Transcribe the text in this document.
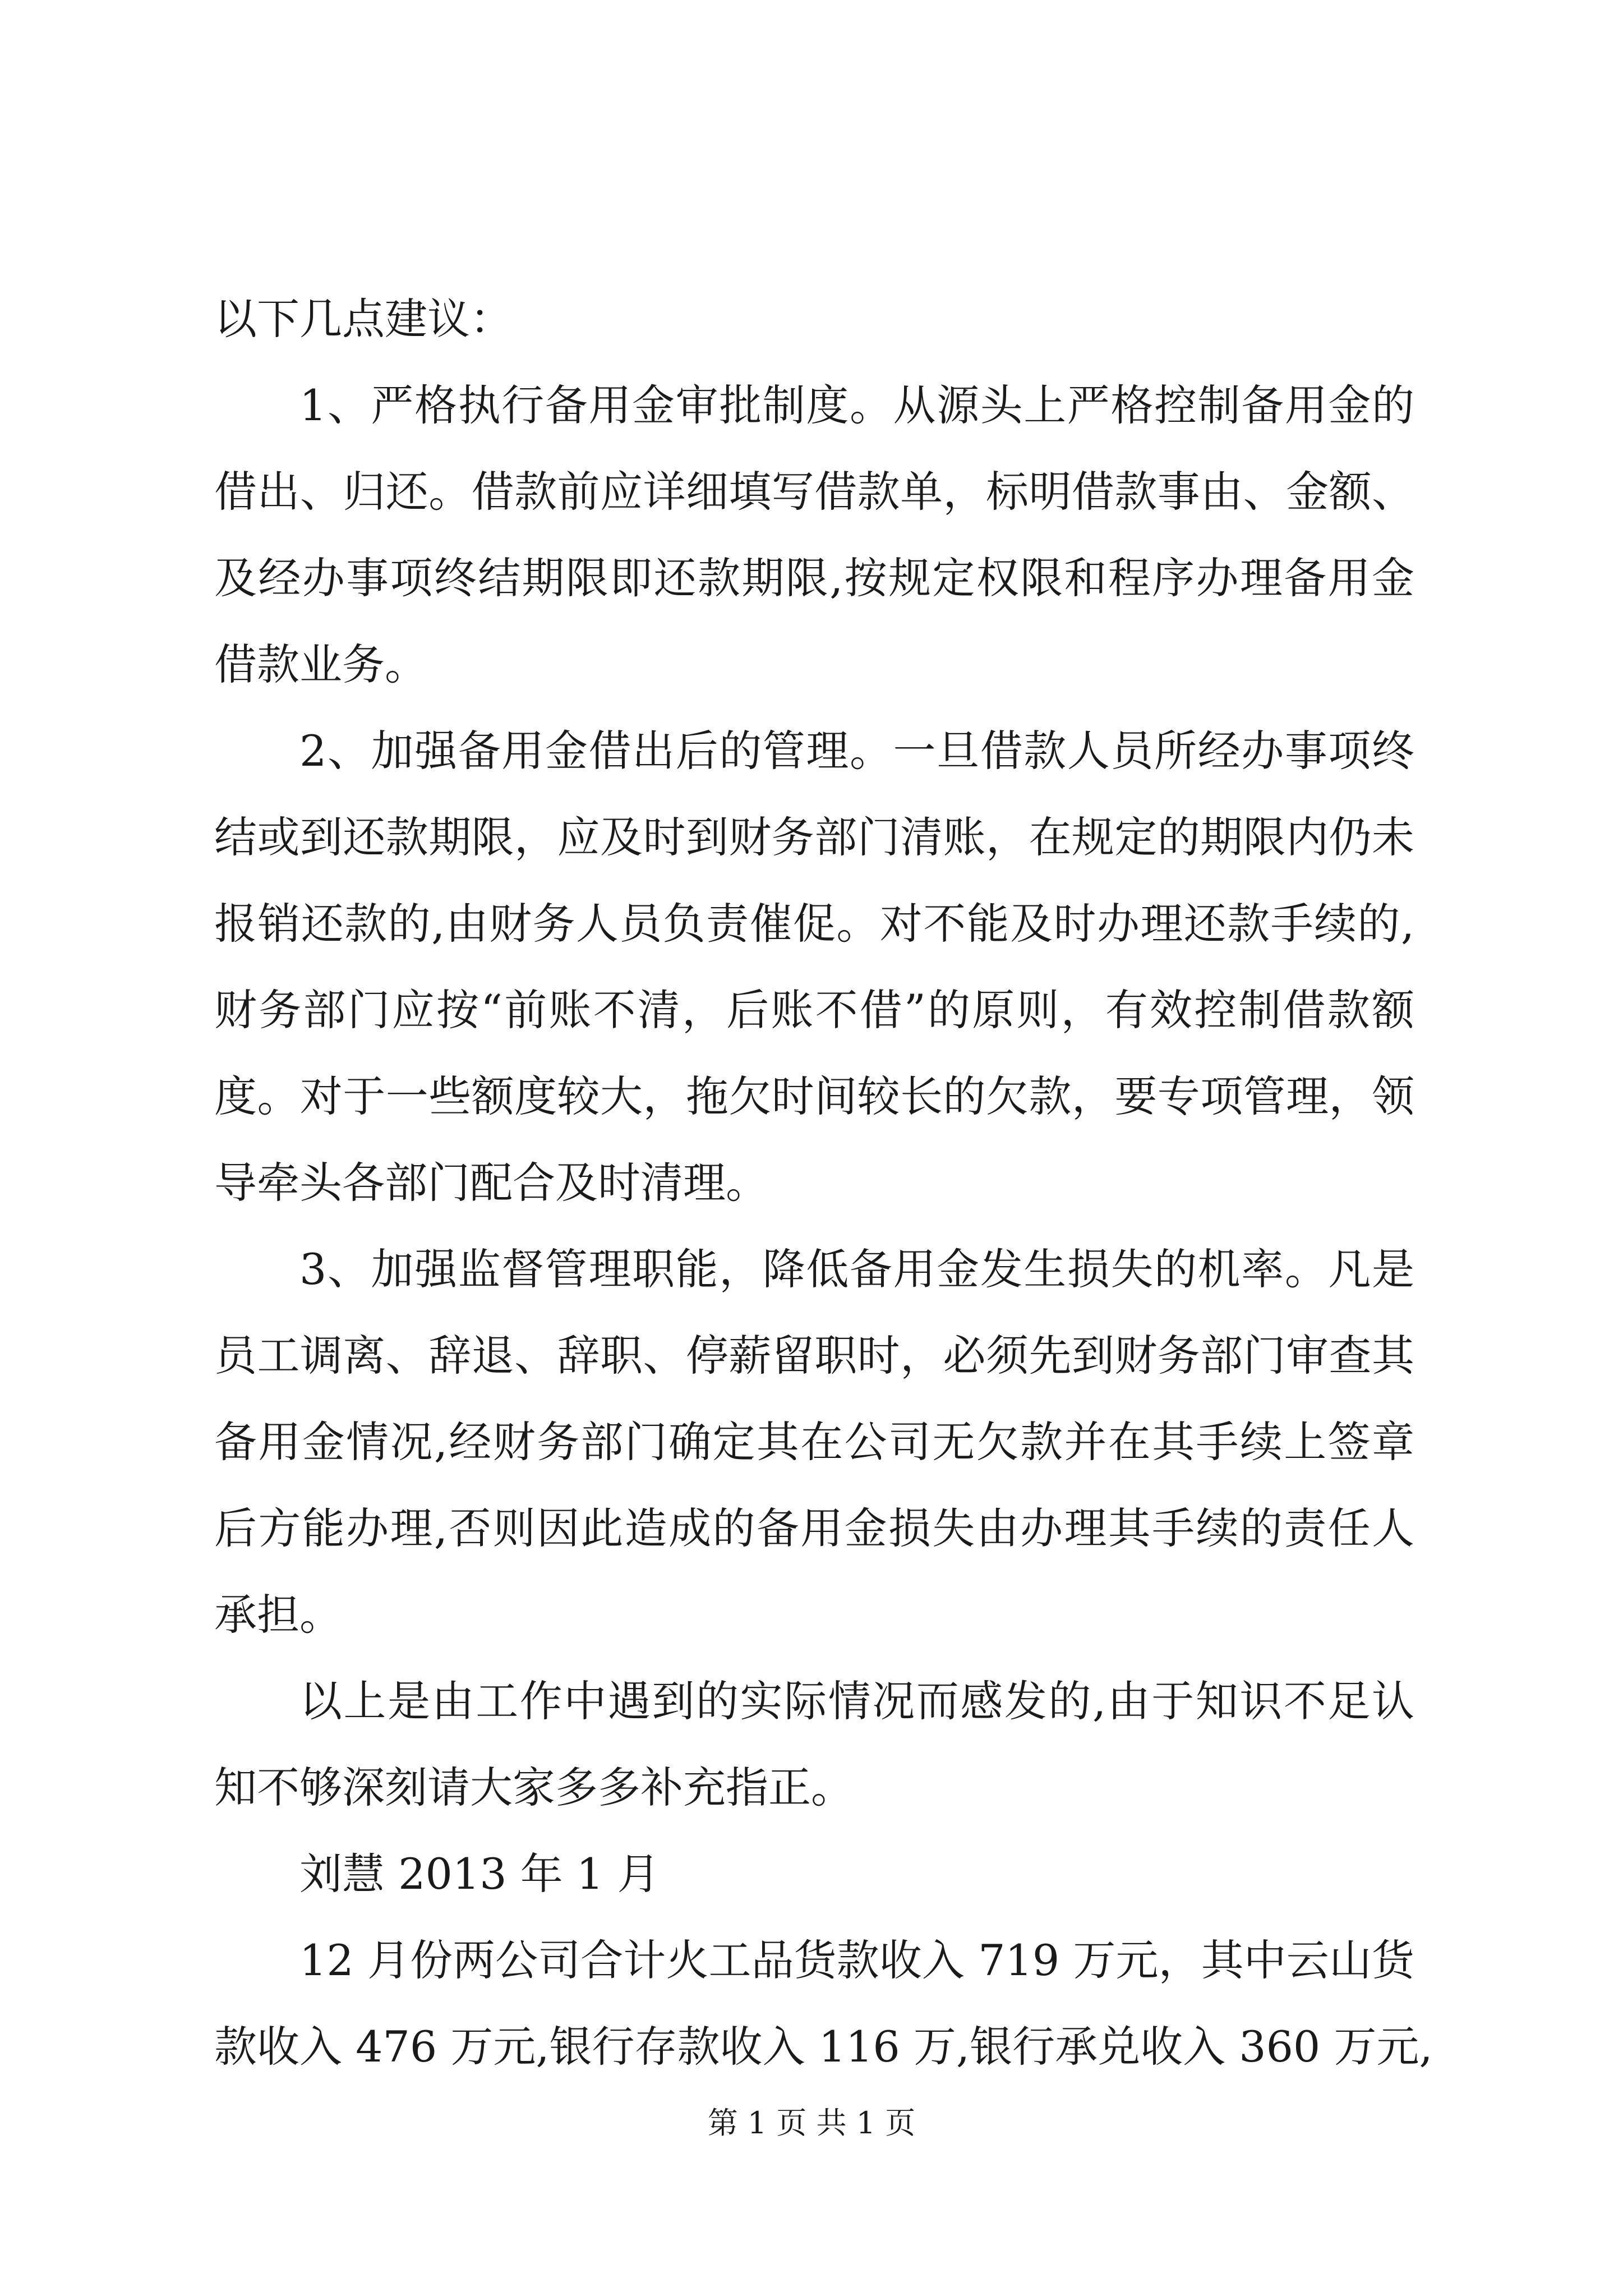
以下几点建议：
1、严格执行备用金审批制度。从源头上严格控制备用金的
借出、归还。借款前应详细填写借款单，标明借款事由、金额、
及经办事项终结期限即还款期限,按规定权限和程序办理备用金
借款业务。
2、加强备用金借出后的管理。一旦借款人员所经办事项终
结或到还款期限，应及时到财务部门清账，在规定的期限内仍未
报销还款的,由财务人员负责催促。对不能及时办理还款手续的,
财务部门应按“前账不清，后账不借”的原则，有效控制借款额
度。对于一些额度较大，拖欠时间较长的欠款，要专项管理，领
导牵头各部门配合及时清理。
3、加强监督管理职能，降低备用金发生损失的机率。凡是
员工调离、辞退、辞职、停薪留职时，必须先到财务部门审查其
备用金情况,经财务部门确定其在公司无欠款并在其手续上签章
后方能办理,否则因此造成的备用金损失由办理其手续的责任人
承担。
以上是由工作中遇到的实际情况而感发的,由于知识不足认
知不够深刻请大家多多补充指正。
刘慧 2013 年 1 月
12 月份两公司合计火工品货款收入 719 万元，其中云山货
款收入 476 万元,银行存款收入 116 万,银行承兑收入 360 万元,
第 1 页 共 1 页
